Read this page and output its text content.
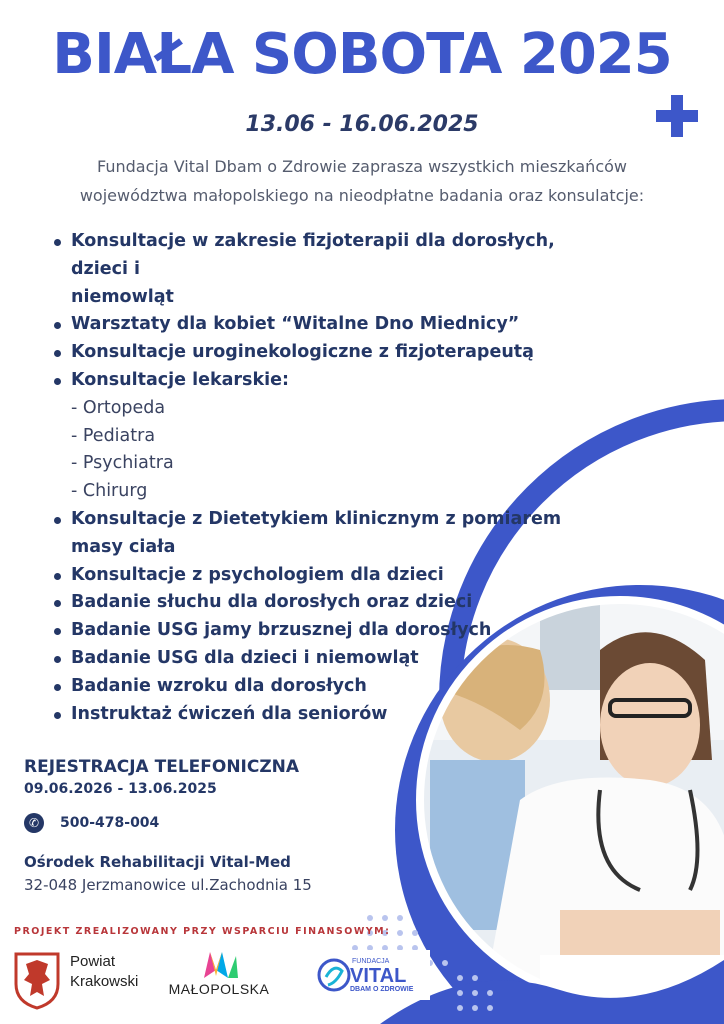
BIAŁA SOBOTA 2025
13.06 - 16.06.2025
Fundacja Vital Dbam o Zdrowie zaprasza wszystkich mieszkańców
województwa małopolskiego na nieodpłatne badania oraz konsulatcje:
Konsultacje w zakresie fizjoterapii dla dorosłych, dzieci i
niemowląt
Warsztaty dla kobiet “Witalne Dno Miednicy”
Konsultacje uroginekologiczne z fizjoterapeutą
Konsultacje lekarskie:
- Ortopeda
- Pediatra
- Psychiatra
- Chirurg
Konsultacje z Dietetykiem klinicznym z pomiarem
masy ciała
Konsultacje z psychologiem dla dzieci
Badanie słuchu dla dorosłych oraz dzieci
Badanie USG jamy brzusznej dla dorosłych
Badanie USG dla dzieci i niemowląt
Badanie wzroku dla dorosłych
Instruktaż ćwiczeń dla seniorów
REJESTRACJA TELEFONICZNA
09.06.2026 - 13.06.2025
✆	500-478-004
Ośrodek Rehabilitacji Vital-Med
32-048 Jerzmanowice ul.Zachodnia 15
PROJEKT ZREALIZOWANY PRZY WSPARCIU FINANSOWYM:
Powiat
Krakowski	MAŁOPOLSKA
FUNDACJA
VITAL
DBAM O ZDROWIE
